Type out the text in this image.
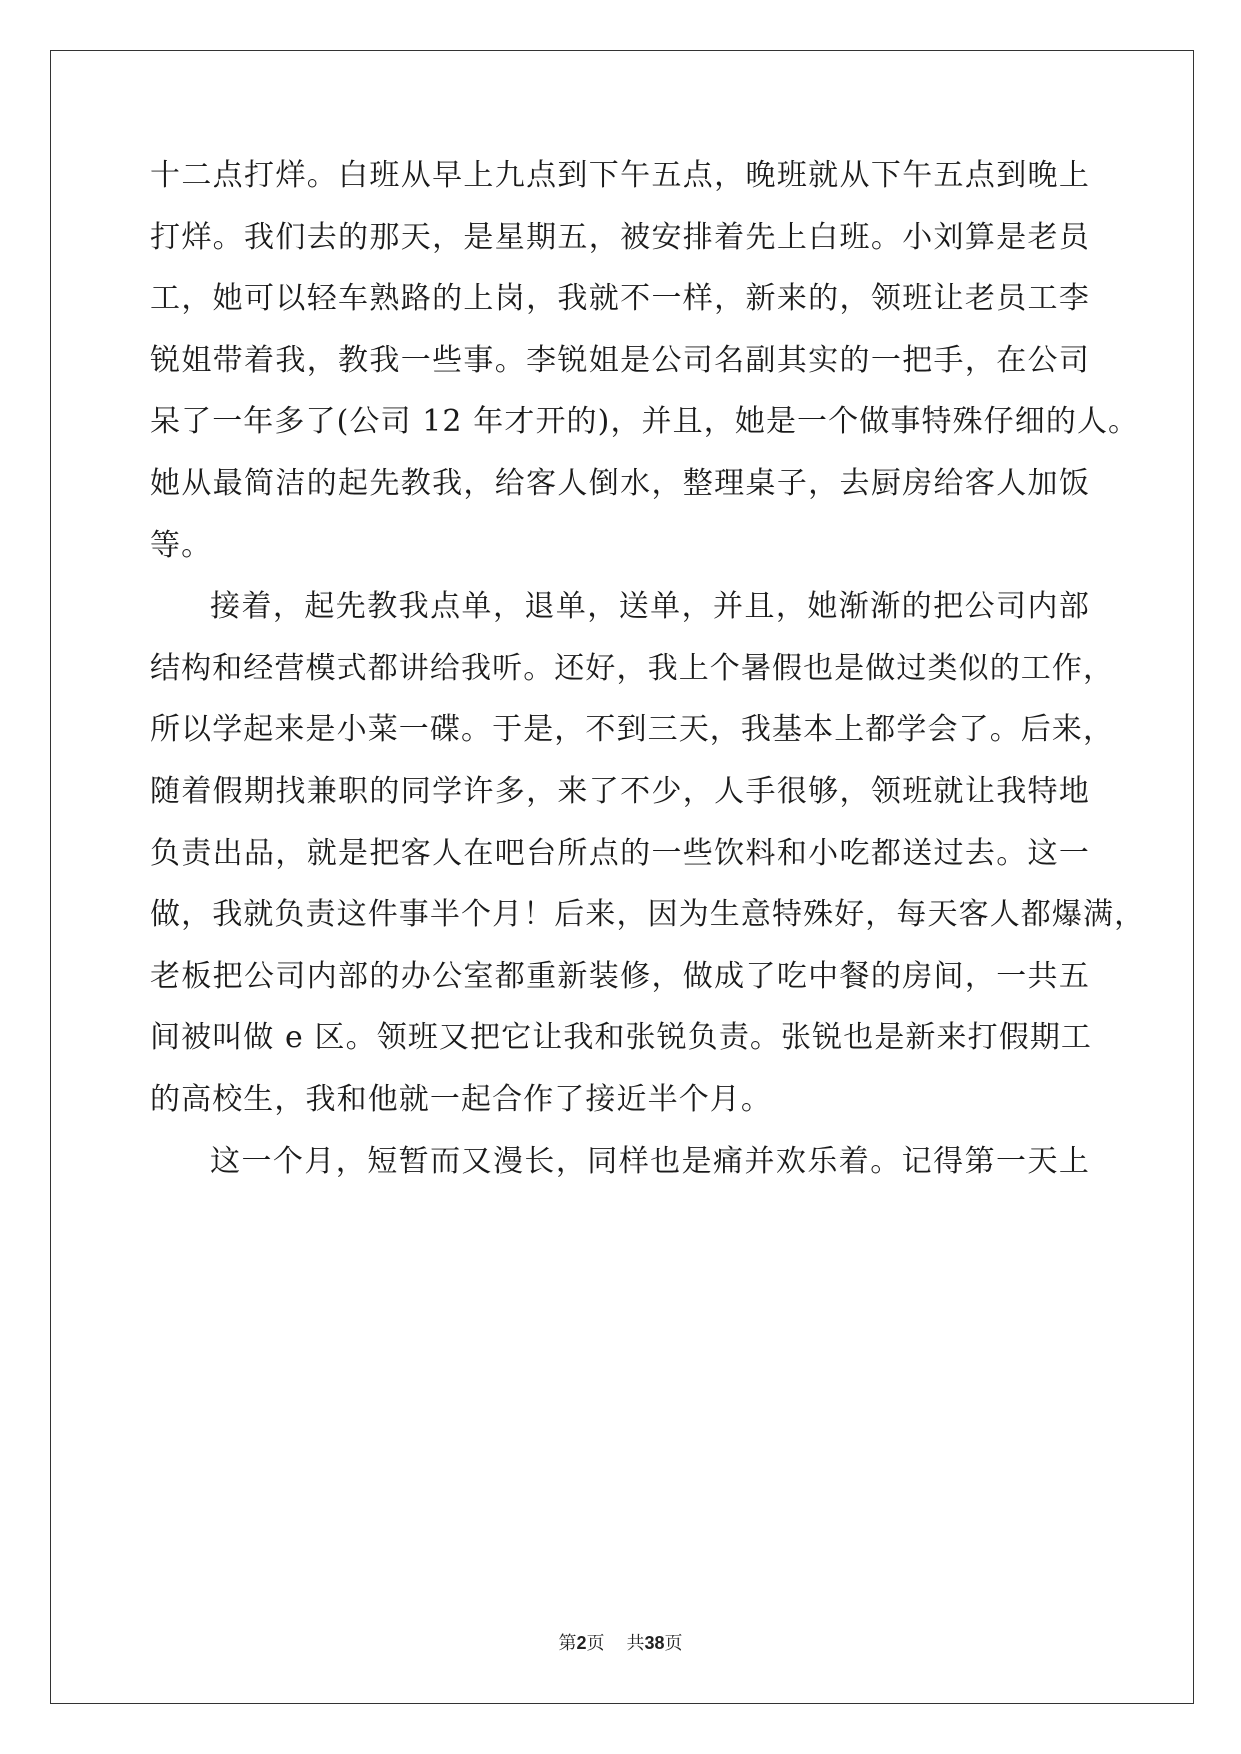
十二点打烊。白班从早上九点到下午五点，晚班就从下午五点到晚上
打烊。我们去的那天，是星期五，被安排着先上白班。小刘算是老员
工，她可以轻车熟路的上岗，我就不一样，新来的，领班让老员工李
锐姐带着我，教我一些事。李锐姐是公司名副其实的一把手，在公司
呆了一年多了(公司 12 年才开的)，并且，她是一个做事特殊仔细的人。
她从最简洁的起先教我，给客人倒水，整理桌子，去厨房给客人加饭
等。
接着，起先教我点单，退单，送单，并且，她渐渐的把公司内部
结构和经营模式都讲给我听。还好，我上个暑假也是做过类似的工作，
所以学起来是小菜一碟。于是，不到三天，我基本上都学会了。后来，
随着假期找兼职的同学许多，来了不少，人手很够，领班就让我特地
负责出品，就是把客人在吧台所点的一些饮料和小吃都送过去。这一
做，我就负责这件事半个月！后来，因为生意特殊好，每天客人都爆满，
老板把公司内部的办公室都重新装修，做成了吃中餐的房间，一共五
间被叫做 e 区。领班又把它让我和张锐负责。张锐也是新来打假期工
的高校生，我和他就一起合作了接近半个月。
这一个月，短暂而又漫长，同样也是痛并欢乐着。记得第一天上
第2页 共38页
